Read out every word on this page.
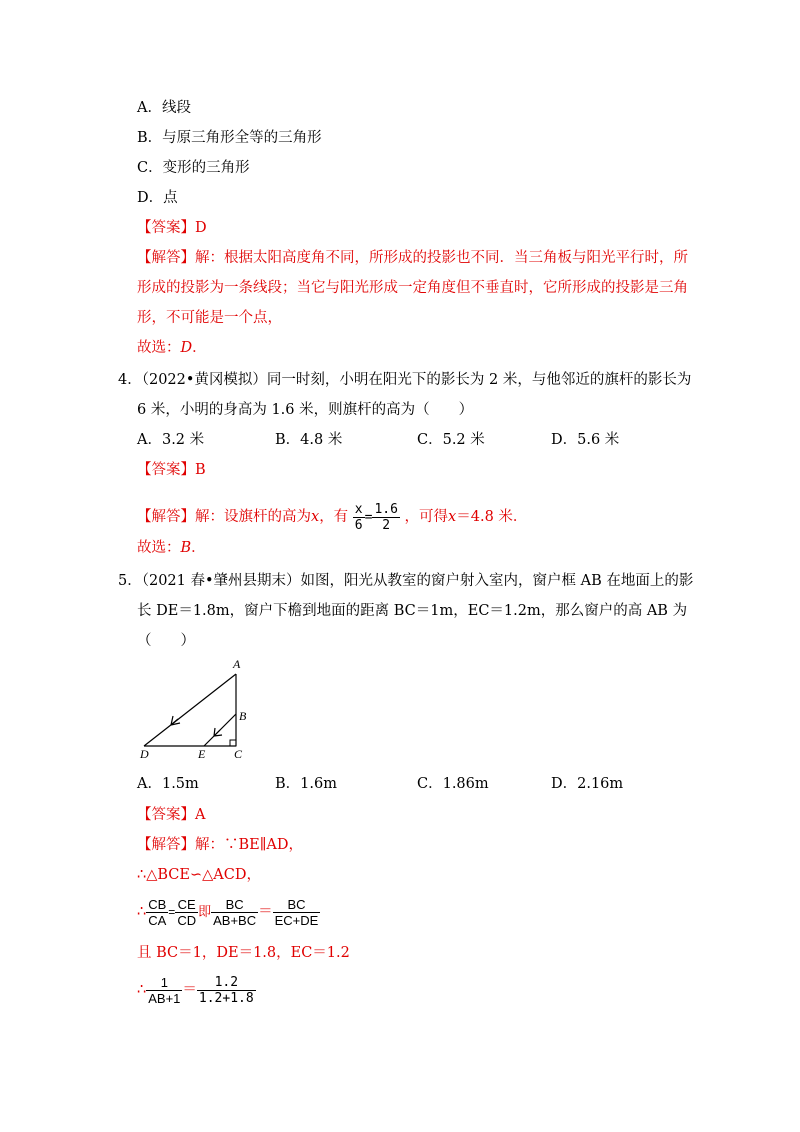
A．线段
B．与原三角形全等的三角形
C．变形的三角形
D．点
【答案】D
【解答】解：根据太阳高度角不同，所形成的投影也不同．当三角板与阳光平行时，所
形成的投影为一条线段；当它与阳光形成一定角度但不垂直时，它所形成的投影是三角
形，不可能是一个点，
故选：D．
4．（2022•黄冈模拟）同一时刻，小明在阳光下的影长为 2 米，与他邻近的旗杆的影长为
6 米，小明的身高为 1.6 米，则旗杆的高为（　　）
A．3.2 米	B．4.8 米	C．5.2 米	D．5.6 米
【答案】B
【解答】解：设旗杆的高为x，有 $\frac{x}{6} = \frac{1.6}{2}$ ，可得x＝4.8 米．
故选：B．
5．（2021 春•肇州县期末）如图，阳光从教室的窗户射入室内，窗户框 AB 在地面上的影
长 DE＝1.8m，窗户下檐到地面的距离 BC＝1m，EC＝1.2m，那么窗户的高 AB 为
（　　）
A
B
C
D	E
A．1.5m	B．1.6m	C．1.86m	D．2.16m
【答案】A
【解答】解：∵BE∥AD，
∴△BCE∽△ACD，
∴ $\frac{CB}{CA} = \frac{CE}{CD}$ 即 $\frac{BC}{AB+BC} = \frac{BC}{EC+DE}$
且 BC＝1，DE＝1.8，EC＝1.2
∴ $\frac{1}{AB+1} = \frac{1.2}{1.2+1.8}$
